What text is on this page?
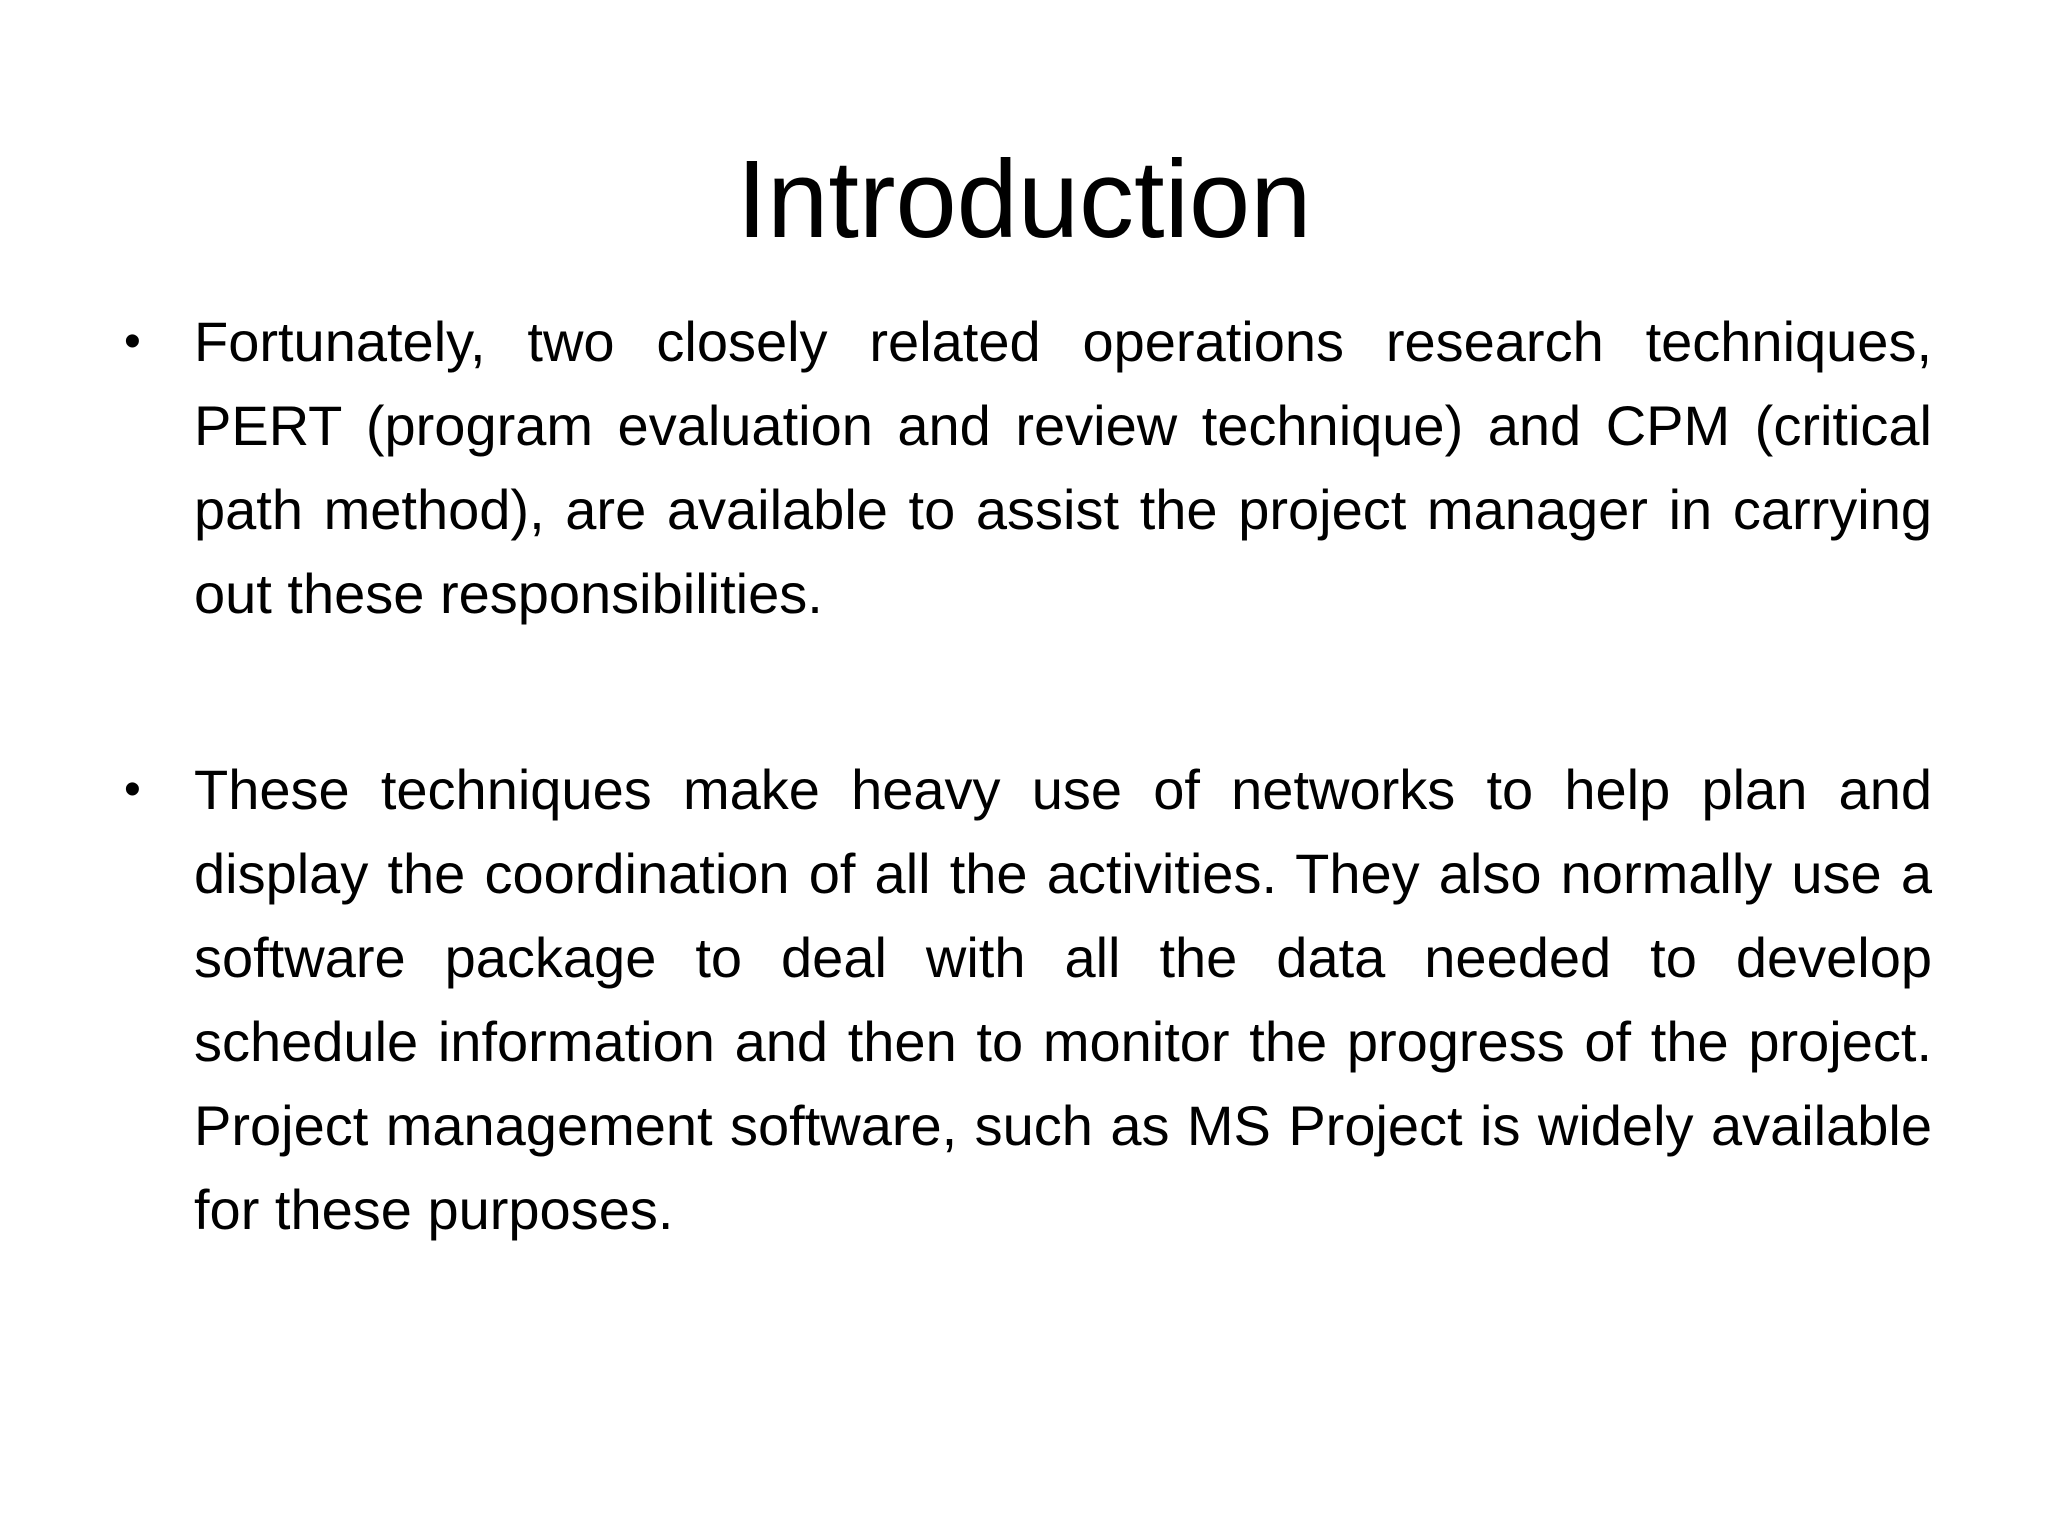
Introduction
• Fortunately, two closely related operations research techniques, PERT (program evaluation and review technique) and CPM (critical path method), are available to assist the project manager in carrying out these responsibilities.
• These techniques make heavy use of networks to help plan and display the coordination of all the activities. They also normally use a software package to deal with all the data needed to develop schedule information and then to monitor the progress of the project. Project management software, such as MS Project is widely available for these purposes.
